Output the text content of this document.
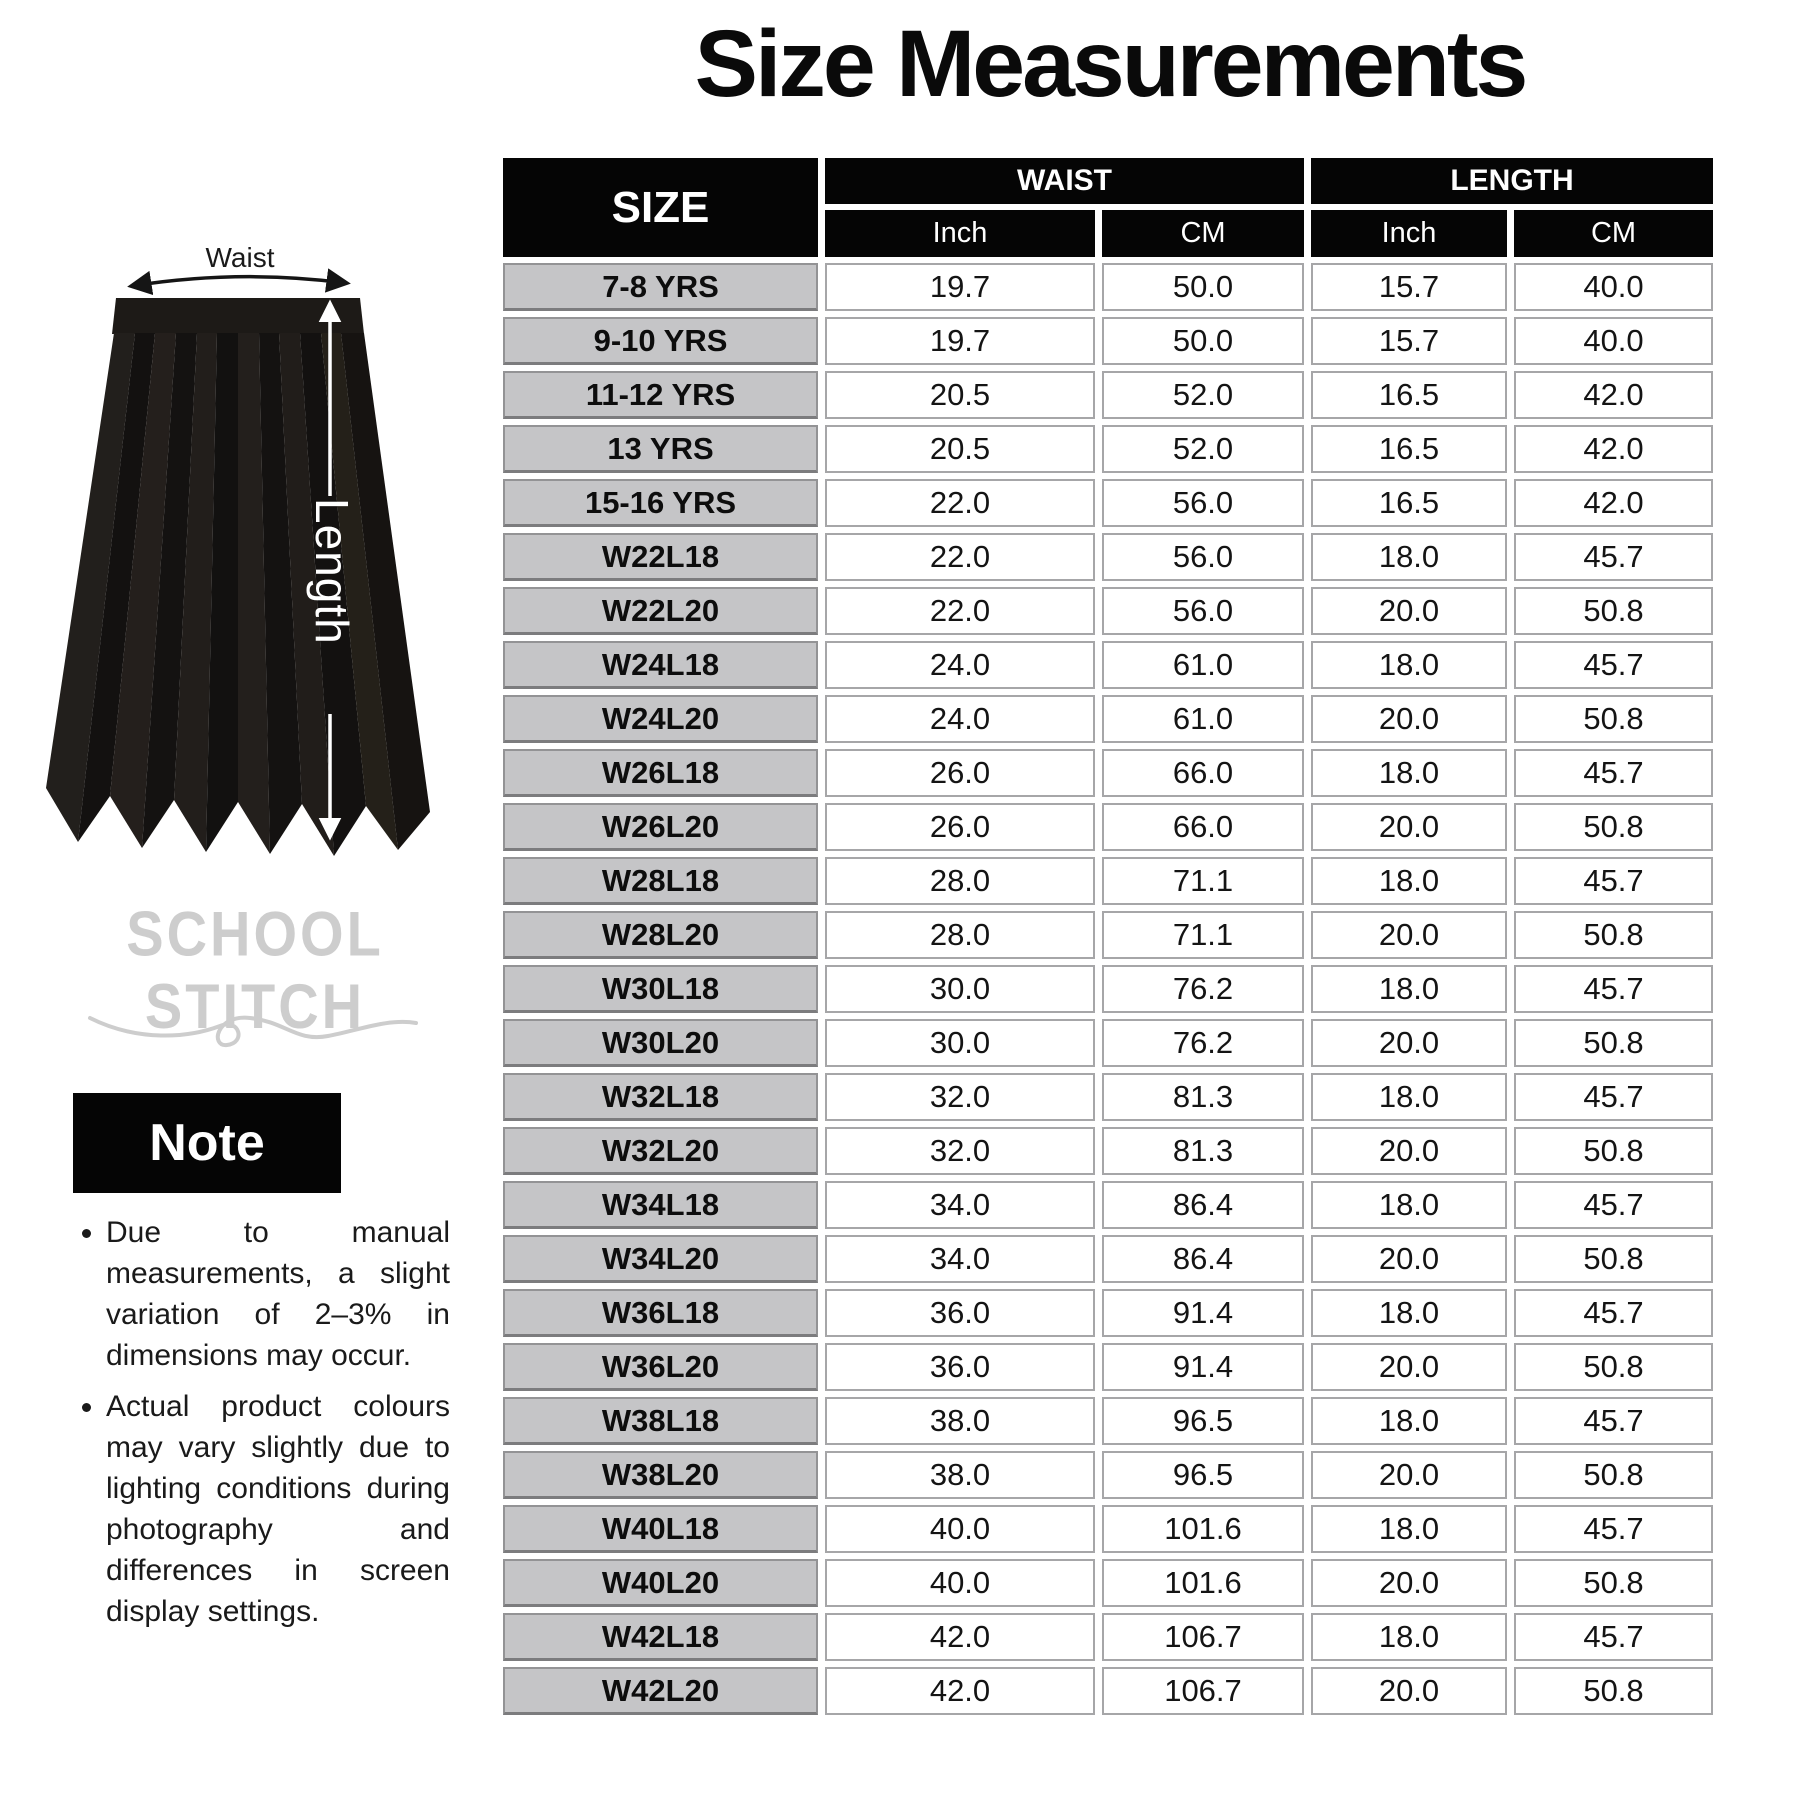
Size Measurements
Waist
Length
SCHOOL STITCH
Note
• Due to manual measurements, a slight variation of 2–3% in dimensions may occur.
• Actual product colours may vary slightly due to lighting conditions during photography and differences in screen display settings.
SIZE
WAIST	LENGTH
Inch	CM	Inch	CM
7-8 YRS	19.7	50.0	15.7	40.0
9-10 YRS	19.7	50.0	15.7	40.0
11-12 YRS	20.5	52.0	16.5	42.0
13 YRS	20.5	52.0	16.5	42.0
15-16 YRS	22.0	56.0	16.5	42.0
W22L18	22.0	56.0	18.0	45.7
W22L20	22.0	56.0	20.0	50.8
W24L18	24.0	61.0	18.0	45.7
W24L20	24.0	61.0	20.0	50.8
W26L18	26.0	66.0	18.0	45.7
W26L20	26.0	66.0	20.0	50.8
W28L18	28.0	71.1	18.0	45.7
W28L20	28.0	71.1	20.0	50.8
W30L18	30.0	76.2	18.0	45.7
W30L20	30.0	76.2	20.0	50.8
W32L18	32.0	81.3	18.0	45.7
W32L20	32.0	81.3	20.0	50.8
W34L18	34.0	86.4	18.0	45.7
W34L20	34.0	86.4	20.0	50.8
W36L18	36.0	91.4	18.0	45.7
W36L20	36.0	91.4	20.0	50.8
W38L18	38.0	96.5	18.0	45.7
W38L20	38.0	96.5	20.0	50.8
W40L18	40.0	101.6	18.0	45.7
W40L20	40.0	101.6	20.0	50.8
W42L18	42.0	106.7	18.0	45.7
W42L20	42.0	106.7	20.0	50.8
